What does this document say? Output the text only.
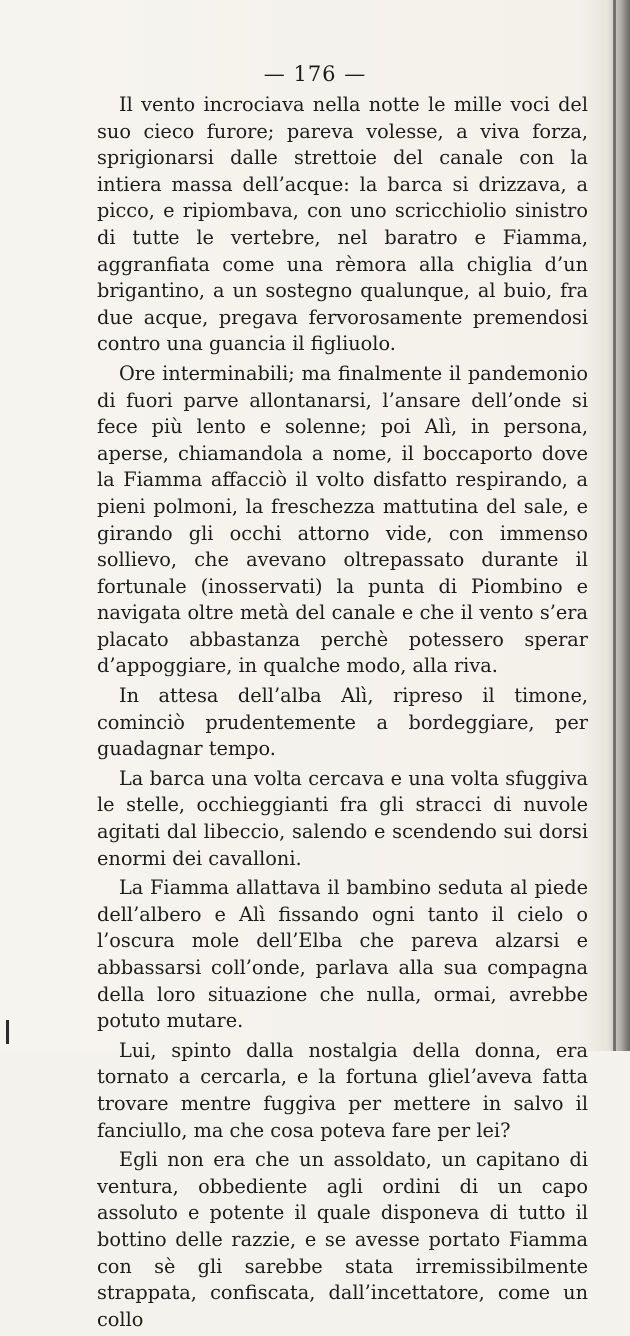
— 176 —

Il vento incrociava nella notte le mille voci del suo cieco furore; pareva volesse, a viva forza, sprigionarsi dalle strettoie del canale con la intiera massa dell’acque: la barca si drizzava, a picco, e ripiombava, con uno scricchiolio sinistro di tutte le vertebre, nel baratro e Fiamma, aggranfiata come una rèmora alla chiglia d’un brigantino, a un sostegno qualunque, al buio, fra due acque, pregava fervorosamente premendosi contro una guancia il figliuolo.

Ore interminabili; ma finalmente il pandemonio di fuori parve allontanarsi, l’ansare dell’onde si fece più lento e solenne; poi Alì, in persona, aperse, chiamandola a nome, il boccaporto dove la Fiamma affacciò il volto disfatto respirando, a pieni polmoni, la freschezza mattutina del sale, e girando gli occhi attorno vide, con immenso sollievo, che avevano oltrepassato durante il fortunale (inosservati) la punta di Piombino e navigata oltre metà del canale e che il vento s’era placato abbastanza perchè potessero sperar d’appoggiare, in qualche modo, alla riva.

In attesa dell’alba Alì, ripreso il timone, cominciò prudentemente a bordeggiare, per guadagnar tempo.

La barca una volta cercava e una volta sfuggiva le stelle, occhieggianti fra gli stracci di nuvole agitati dal libeccio, salendo e scendendo sui dorsi enormi dei cavalloni.

La Fiamma allattava il bambino seduta al piede dell’albero e Alì fissando ogni tanto il cielo o l’oscura mole dell’Elba che pareva alzarsi e abbassarsi coll’onde, parlava alla sua compagna della loro situazione che nulla, ormai, avrebbe potuto mutare.

Lui, spinto dalla nostalgia della donna, era tornato a cercarla, e la fortuna glielʼaveva fatta trovare mentre fuggiva per mettere in salvo il fanciullo, ma che cosa poteva fare per lei?

Egli non era che un assoldato, un capitano di ventura, obbediente agli ordini di un capo assoluto e potente il quale disponeva di tutto il bottino delle razzie, e se avesse portato Fiamma con sè gli sarebbe stata irremissibilmente strappata, confiscata, dall’incettatore, come un collo
